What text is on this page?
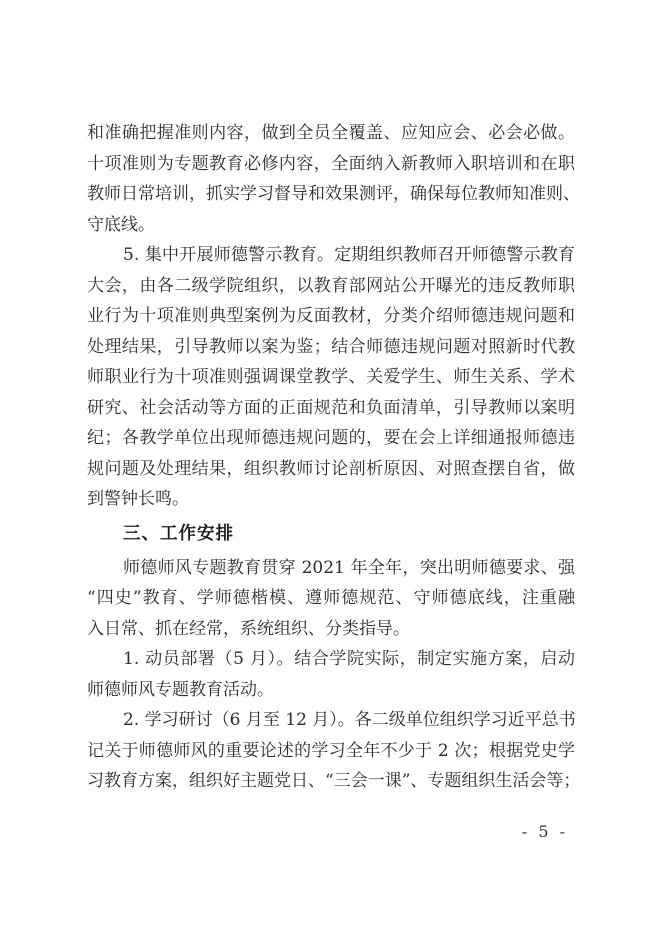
和准确把握准则内容，做到全员全覆盖、应知应会、必会必做。
十项准则为专题教育必修内容，全面纳入新教师入职培训和在职
教师日常培训，抓实学习督导和效果测评，确保每位教师知准则、
守底线。
5. 集中开展师德警示教育。定期组织教师召开师德警示教育
大会，由各二级学院组织，以教育部网站公开曝光的违反教师职
业行为十项准则典型案例为反面教材，分类介绍师德违规问题和
处理结果，引导教师以案为鉴；结合师德违规问题对照新时代教
师职业行为十项准则强调课堂教学、关爱学生、师生关系、学术
研究、社会活动等方面的正面规范和负面清单，引导教师以案明
纪；各教学单位出现师德违规问题的，要在会上详细通报师德违
规问题及处理结果，组织教师讨论剖析原因、对照查摆自省，做
到警钟长鸣。
三、工作安排
师德师风专题教育贯穿 2021 年全年，突出明师德要求、强
“四史”教育、学师德楷模、遵师德规范、守师德底线，注重融
入日常、抓在经常，系统组织、分类指导。
1. 动员部署（5 月）。结合学院实际，制定实施方案，启动
师德师风专题教育活动。
2. 学习研讨（6 月至 12 月）。各二级单位组织学习近平总书
记关于师德师风的重要论述的学习全年不少于 2 次；根据党史学
习教育方案，组织好主题党日、“三会一课”、专题组织生活会等；
- 5 -
